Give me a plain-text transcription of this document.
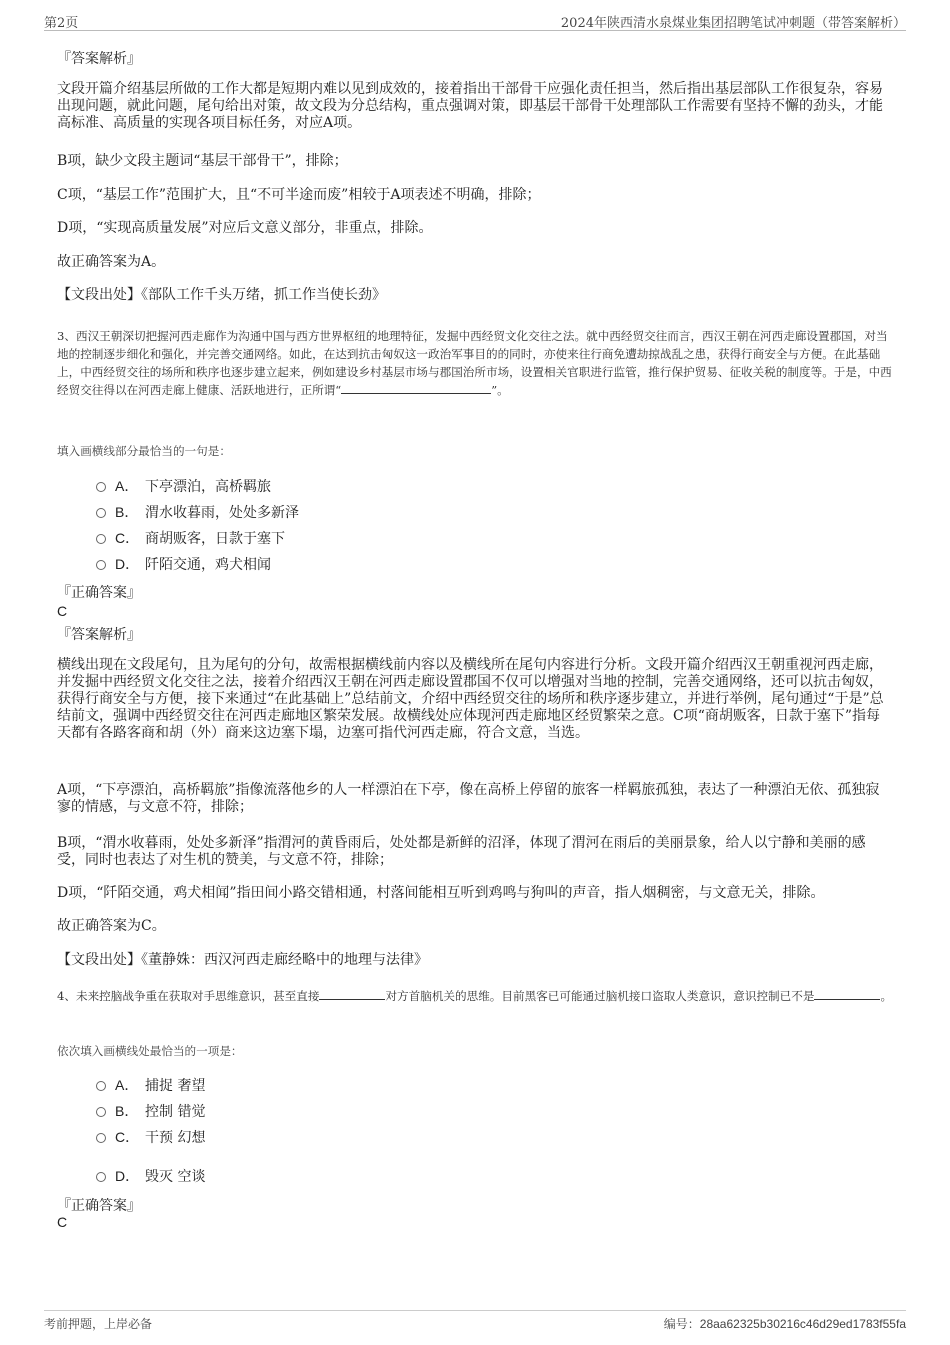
第2页	2024年陕西清水泉煤业集团招聘笔试冲刺题（带答案解析）
『答案解析』
文段开篇介绍基层所做的工作大都是短期内难以见到成效的，接着指出干部骨干应强化责任担当，然后指出基层部队工作很复杂，容易出现问题，就此问题，尾句给出对策，故文段为分总结构，重点强调对策，即基层干部骨干处理部队工作需要有坚持不懈的劲头，才能高标准、高质量的实现各项目标任务，对应A项。
B项，缺少文段主题词“基层干部骨干”，排除；
C项，“基层工作”范围扩大，且“不可半途而废”相较于A项表述不明确，排除；
D项，“实现高质量发展”对应后文意义部分，非重点，排除。
故正确答案为A。
【文段出处】《部队工作千头万绪，抓工作当使长劲》
3、西汉王朝深切把握河西走廊作为沟通中国与西方世界枢纽的地理特征，发掘中西经贸文化交往之法。就中西经贸交往而言，西汉王朝在河西走廊设置郡国，对当地的控制逐步细化和强化，并完善交通网络。如此，在达到抗击匈奴这一政治军事目的的同时，亦使来往行商免遭劫掠战乱之患，获得行商安全与方便。在此基础上，中西经贸交往的场所和秩序也逐步建立起来，例如建设乡村基层市场与郡国治所市场，设置相关官职进行监管，推行保护贸易、征收关税的制度等。于是，中西经贸交往得以在河西走廊上健康、活跃地进行，正所谓“	”。
填入画横线部分最恰当的一句是：
A． 下亭漂泊，高桥羁旅
B． 渭水收暮雨，处处多新泽
C． 商胡贩客，日款于塞下
D． 阡陌交通，鸡犬相闻
『正确答案』
C
『答案解析』
横线出现在文段尾句，且为尾句的分句，故需根据横线前内容以及横线所在尾句内容进行分析。文段开篇介绍西汉王朝重视河西走廊，并发掘中西经贸文化交往之法，接着介绍西汉王朝在河西走廊设置郡国不仅可以增强对当地的控制，完善交通网络，还可以抗击匈奴，获得行商安全与方便，接下来通过“在此基础上”总结前文，介绍中西经贸交往的场所和秩序逐步建立，并进行举例，尾句通过“于是”总结前文，强调中西经贸交往在河西走廊地区繁荣发展。故横线处应体现河西走廊地区经贸繁荣之意。C项“商胡贩客，日款于塞下”指每天都有各路客商和胡（外）商来这边塞下塌，边塞可指代河西走廊，符合文意，当选。
A项，“下亭漂泊，高桥羁旅”指像流落他乡的人一样漂泊在下亭，像在高桥上停留的旅客一样羁旅孤独，表达了一种漂泊无依、孤独寂寥的情感，与文意不符，排除；
B项，“渭水收暮雨，处处多新泽”指渭河的黄昏雨后，处处都是新鲜的沼泽，体现了渭河在雨后的美丽景象，给人以宁静和美丽的感受，同时也表达了对生机的赞美，与文意不符，排除；
D项，“阡陌交通，鸡犬相闻”指田间小路交错相通，村落间能相互听到鸡鸣与狗叫的声音，指人烟稠密，与文意无关，排除。
故正确答案为C。
【文段出处】《董静姝：西汉河西走廊经略中的地理与法律》
4、未来控脑战争重在获取对手思维意识，甚至直接	对方首脑机关的思维。目前黑客已可能通过脑机接口盗取人类意识，意识控制已不是	。
依次填入画横线处最恰当的一项是：
A． 捕捉 奢望
B． 控制 错觉
C． 干预 幻想
D． 毁灭 空谈
『正确答案』
C
考前押题，上岸必备	编号：28aa62325b30216c46d29ed1783f55fa
